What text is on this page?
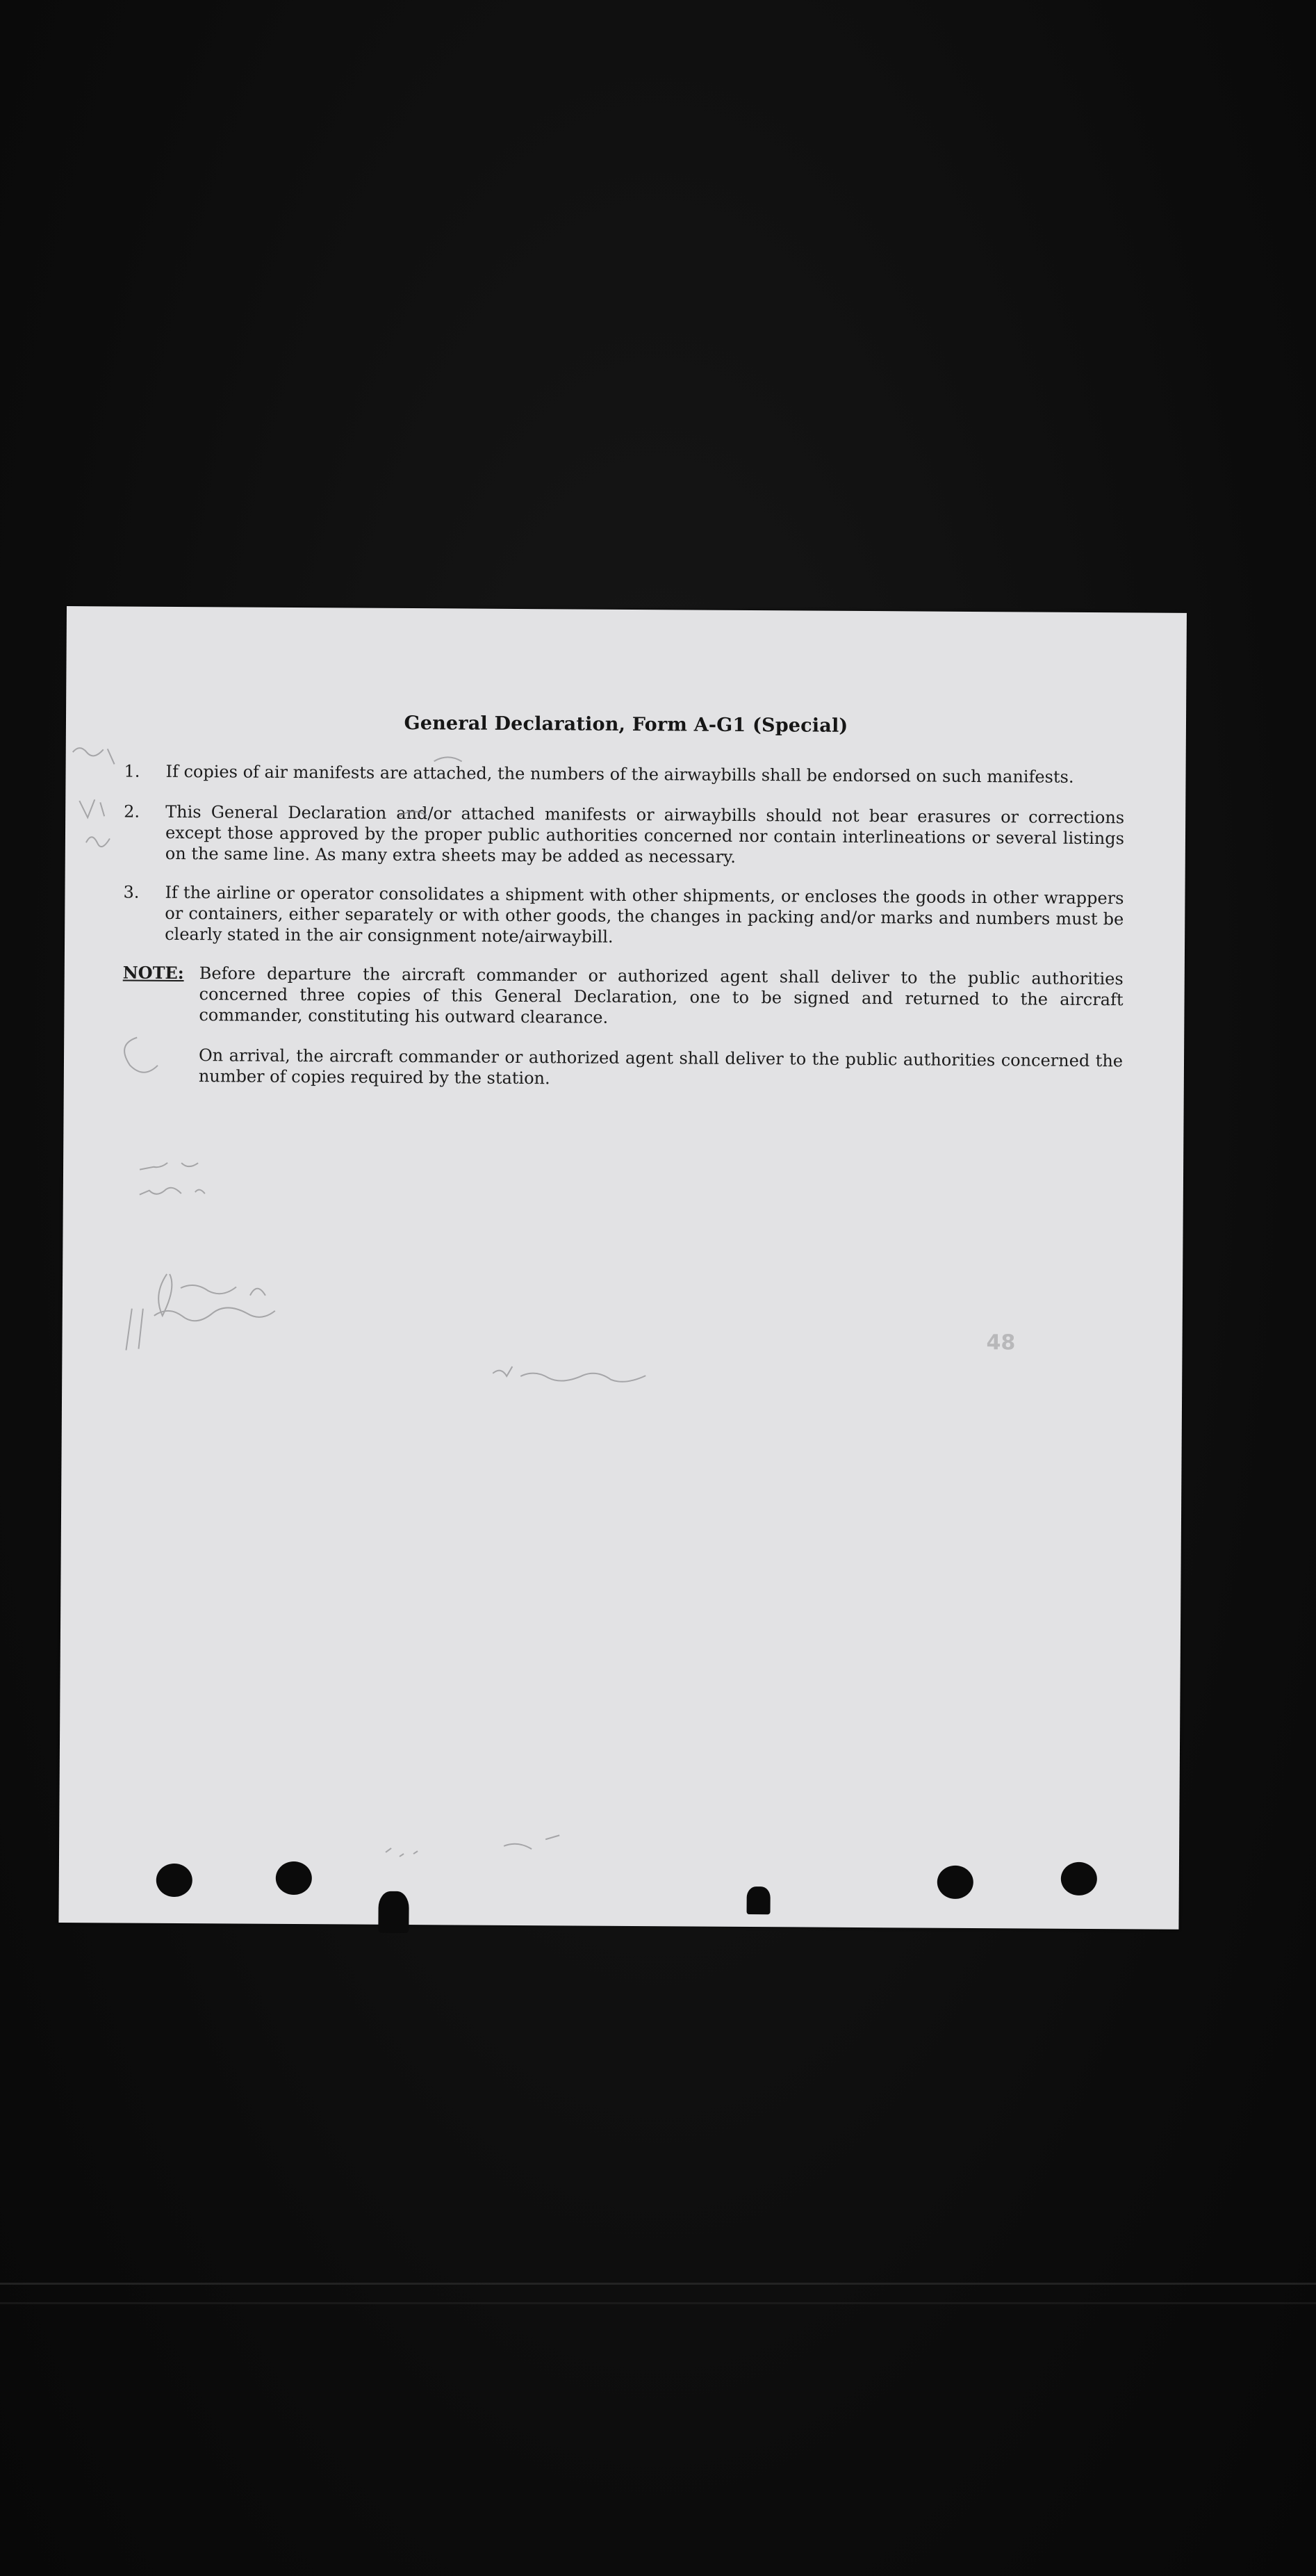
General Declaration, Form A-G1 (Special)
1.	If copies of air manifests are attached, the numbers of the airwaybills shall be endorsed on such manifests.
2.	This General Declaration and/or attached manifests or airwaybills should not bear erasures or corrections except those approved by the proper public authorities concerned nor contain interlineations or several listings on the same line. As many extra sheets may be added as necessary.
3.	If the airline or operator consolidates a shipment with other shipments, or encloses the goods in other wrappers or containers, either separately or with other goods, the changes in packing and/or marks and numbers must be clearly stated in the air consignment note/airwaybill.
NOTE: Before departure the aircraft commander or authorized agent shall deliver to the public authorities concerned three copies of this General Declaration, one to be signed and returned to the aircraft commander, constituting his outward clearance.
On arrival, the aircraft commander or authorized agent shall deliver to the public authorities concerned the number of copies required by the station.
48
